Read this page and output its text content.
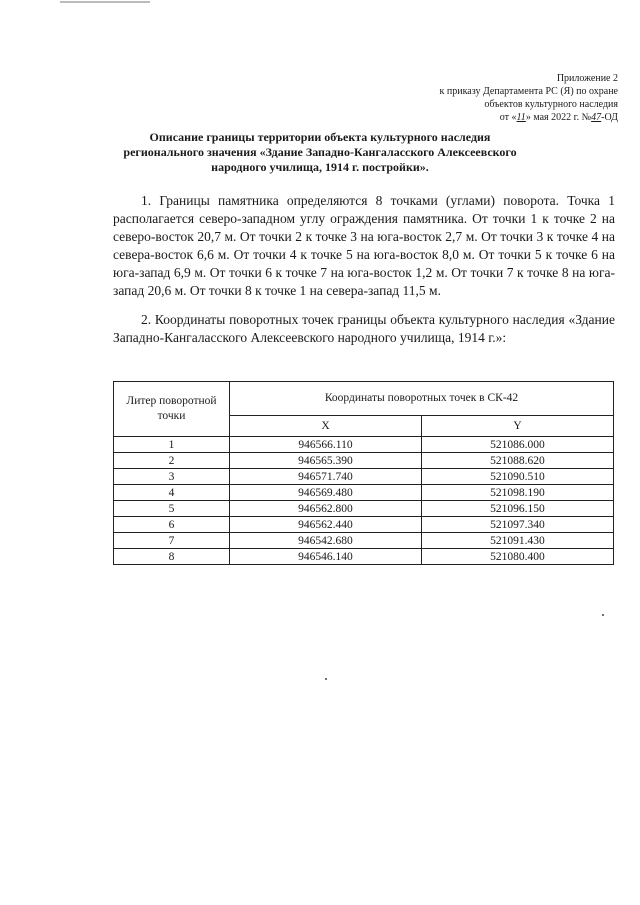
Приложение 2
к приказу Департамента РС (Я) по охране
объектов культурного наследия
от «11» мая 2022 г. №47-ОД
Описание границы территории объекта культурного наследия регионального значения «Здание Западно-Кангаласского Алексеевского народного училища, 1914 г. постройки».
1. Границы памятника определяются 8 точками (углами) поворота. Точка 1 располагается северо-западном углу ограждения памятника. От точки 1 к точке 2 на северо-восток 20,7 м. От точки 2 к точке 3 на юга-восток 2,7 м. От точки 3 к точке 4 на севера-восток 6,6 м. От точки 4 к точке 5 на юга-восток 8,0 м. От точки 5 к точке 6 на юга-запад 6,9 м. От точки 6 к точке 7 на юга-восток 1,2 м. От точки 7 к точке 8 на юга-запад 20,6 м. От точки 8 к точке 1 на севера-запад 11,5 м.
2. Координаты поворотных точек границы объекта культурного наследия «Здание Западно-Кангаласского Алексеевского народного училища, 1914 г.»:
Литер поворотной точки	Координаты поворотных точек в СК-42	
	X	Y
1	946566.110	521086.000
2	946565.390	521088.620
3	946571.740	521090.510
4	946569.480	521098.190
5	946562.800	521096.150
6	946562.440	521097.340
7	946542.680	521091.430
8	946546.140	521080.400
